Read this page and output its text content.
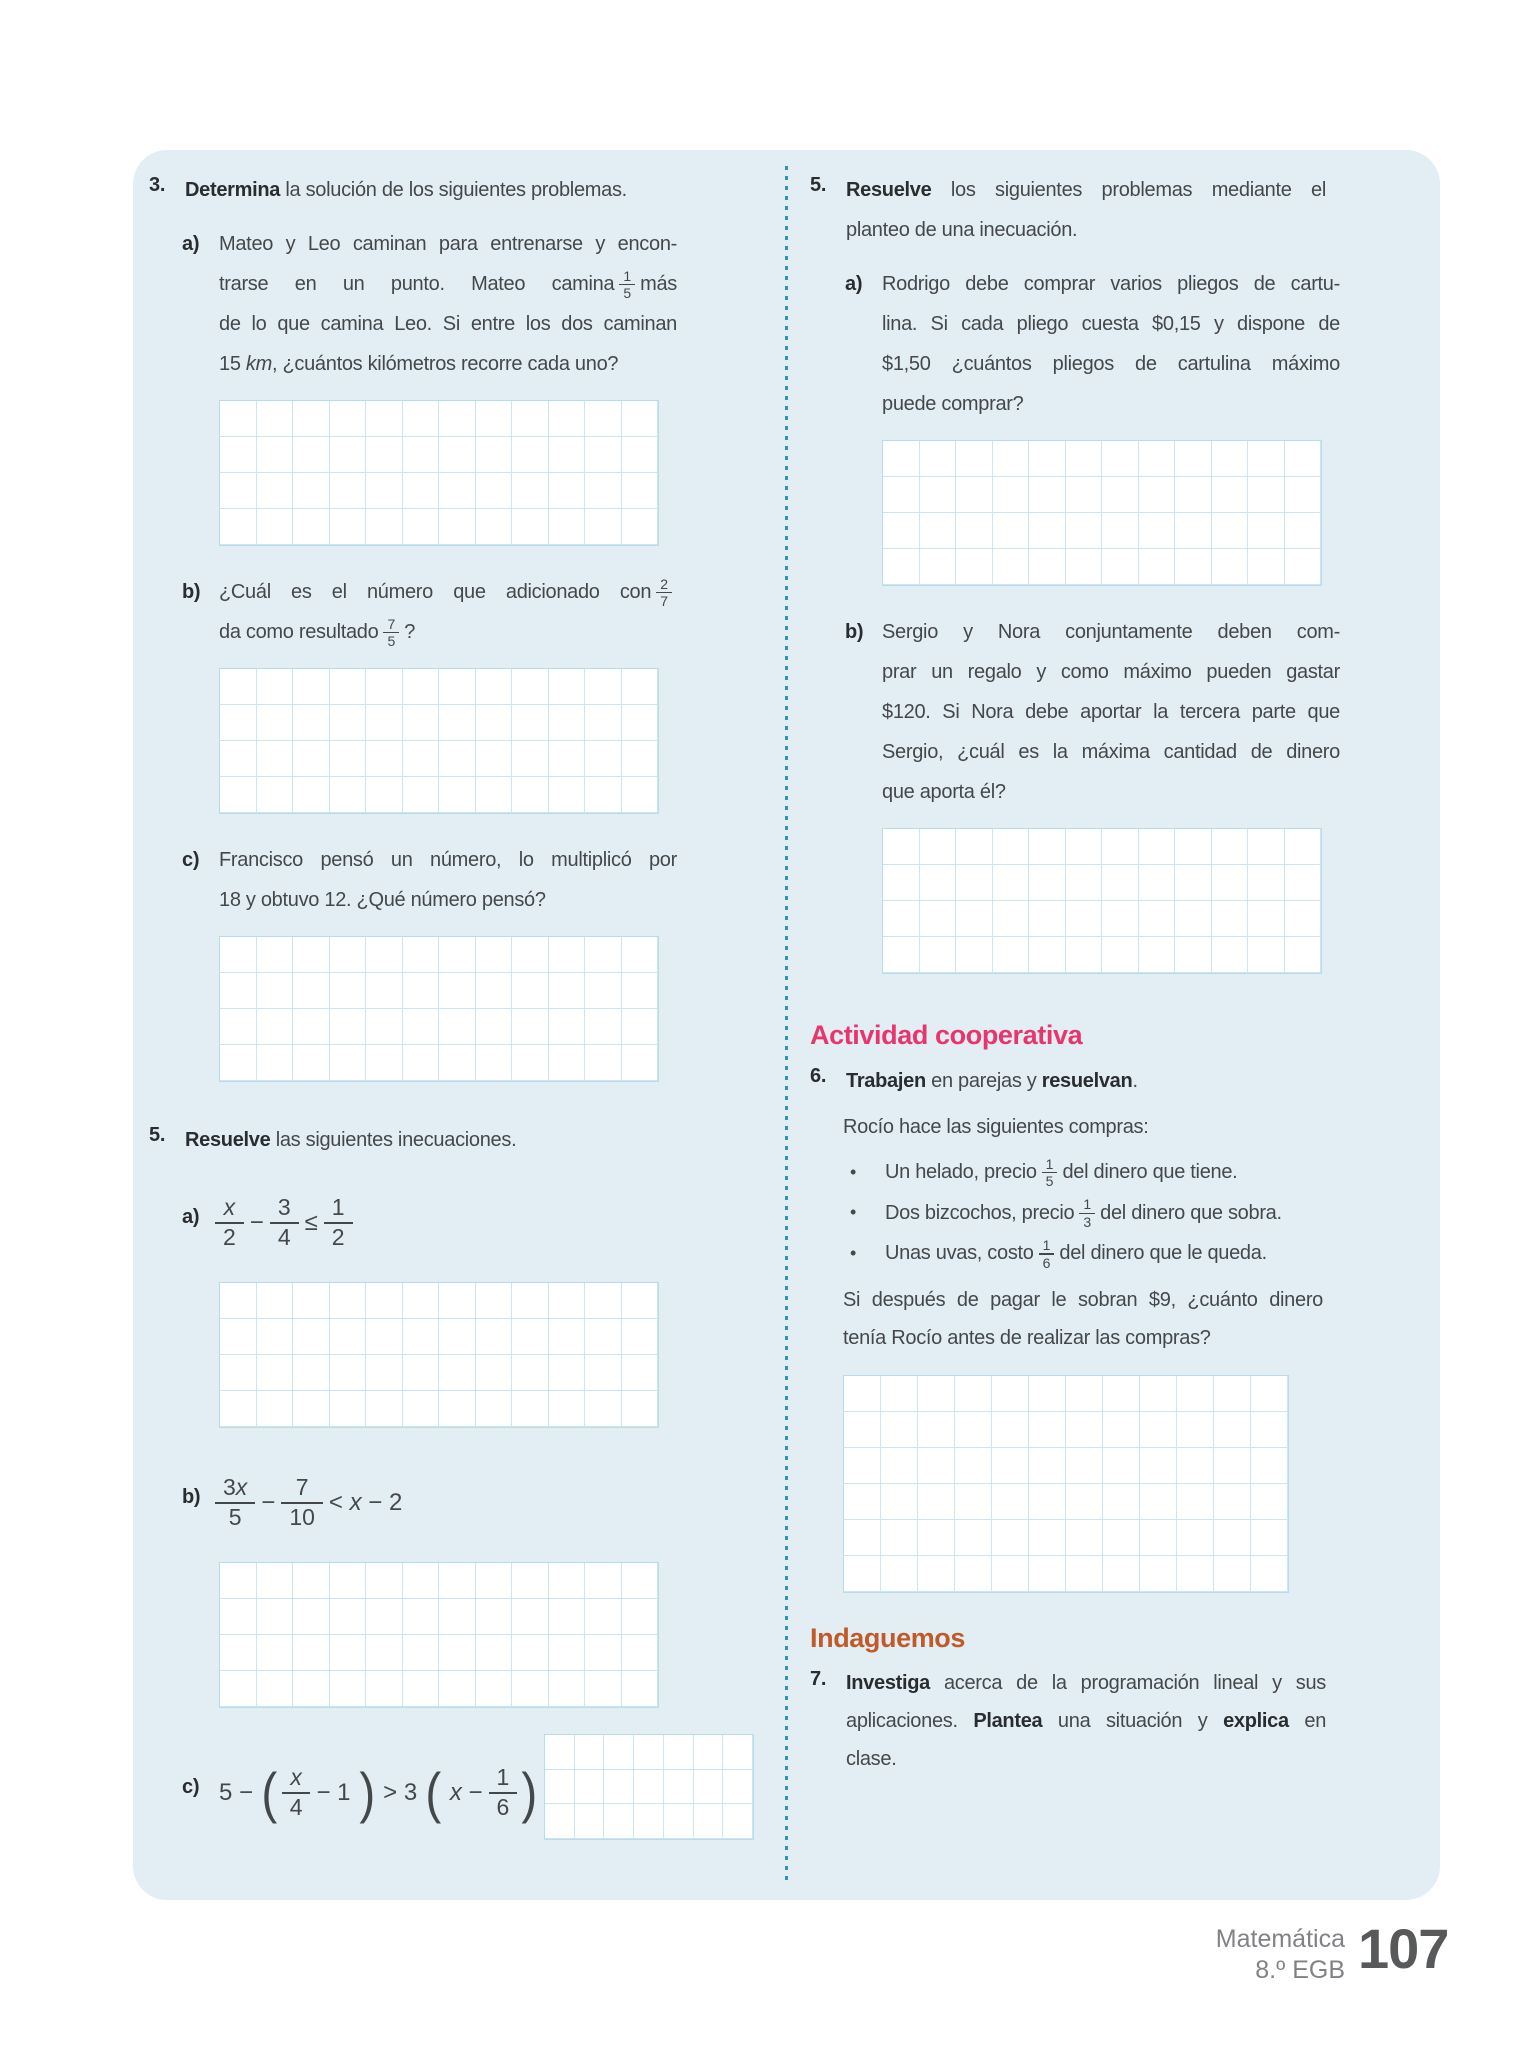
3. Determina la solución de los siguientes problemas.
a) Mateo y Leo caminan para entrenarse y encon-
trarse en un punto. Mateo camina $\frac{1}{5}$ más
de lo que camina Leo. Si entre los dos caminan
15 km, ¿cuántos kilómetros recorre cada uno?
b) ¿Cuál es el número que adicionado con $\frac{2}{7}$
da como resultado $\frac{7}{5}$ ?
c) Francisco pensó un número, lo multiplicó por
18 y obtuvo 12. ¿Qué número pensó?
5. Resuelve las siguientes inecuaciones.
a)	x
2
−
3
4
≤
1
2
b) 3x
5
−
7
10
< x − 2
c) 5 − ( x
4
− 1 ) > 3 ( x −
1
6 )
5. Resuelve los siguientes problemas mediante el
planteo de una inecuación.
a) Rodrigo debe comprar varios pliegos de cartu-
lina. Si cada pliego cuesta $0,15 y dispone de
$1,50 ¿cuántos pliegos de cartulina máximo
puede comprar?
b) Sergio y Nora conjuntamente deben com-
prar un regalo y como máximo pueden gastar
$120. Si Nora debe aportar la tercera parte que
Sergio, ¿cuál es la máxima cantidad de dinero
que aporta él?
Actividad cooperativa
6. Trabajen en parejas y resuelvan.
Rocío hace las siguientes compras:
•	Un helado, precio $\frac{1}{5}$ del dinero que tiene.
•	Dos bizcochos, precio $\frac{1}{3}$ del dinero que sobra.
•	Unas uvas, costo $\frac{1}{6}$ del dinero que le queda.
Si después de pagar le sobran $9, ¿cuánto dinero
tenía Rocío antes de realizar las compras?
Indaguemos
7. Investiga acerca de la programación lineal y sus
aplicaciones. Plantea una situación y explica en
clase.
Matemática
8.º EGB 107
